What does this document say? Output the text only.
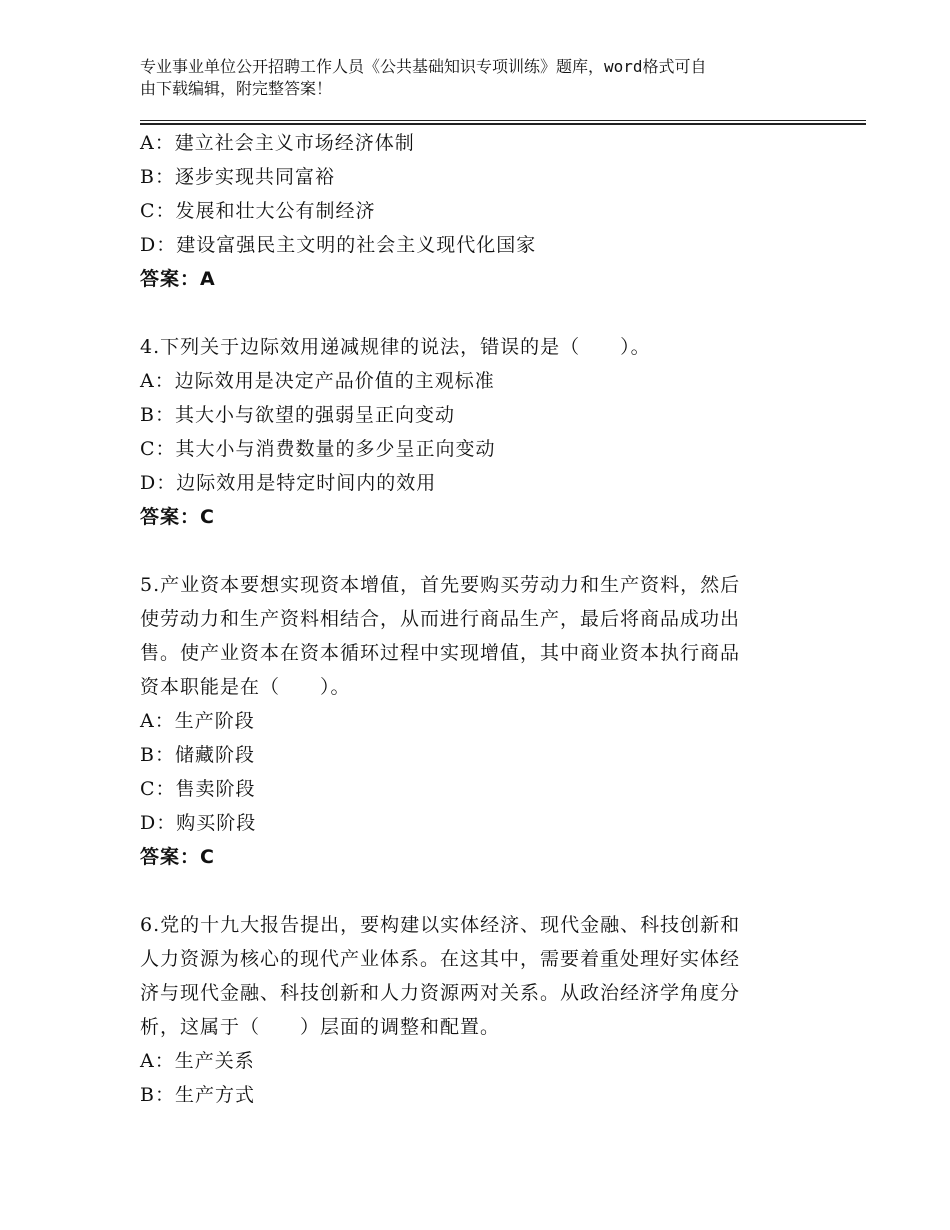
专业事业单位公开招聘工作人员《公共基础知识专项训练》题库，word格式可自
由下载编辑，附完整答案！
A：建立社会主义市场经济体制
B：逐步实现共同富裕
C：发展和壮大公有制经济
D：建设富强民主文明的社会主义现代化国家
答案：A
4.下列关于边际效用递减规律的说法，错误的是（　　）。
A：边际效用是决定产品价值的主观标准
B：其大小与欲望的强弱呈正向变动
C：其大小与消费数量的多少呈正向变动
D：边际效用是特定时间内的效用
答案：C
5.产业资本要想实现资本增值，首先要购买劳动力和生产资料，然后
使劳动力和生产资料相结合，从而进行商品生产，最后将商品成功出
售。使产业资本在资本循环过程中实现增值，其中商业资本执行商品
资本职能是在（　　）。
A：生产阶段
B：储藏阶段
C：售卖阶段
D：购买阶段
答案：C
6.党的十九大报告提出，要构建以实体经济、现代金融、科技创新和
人力资源为核心的现代产业体系。在这其中，需要着重处理好实体经
济与现代金融、科技创新和人力资源两对关系。从政治经济学角度分
析，这属于（　　）层面的调整和配置。
A：生产关系
B：生产方式
